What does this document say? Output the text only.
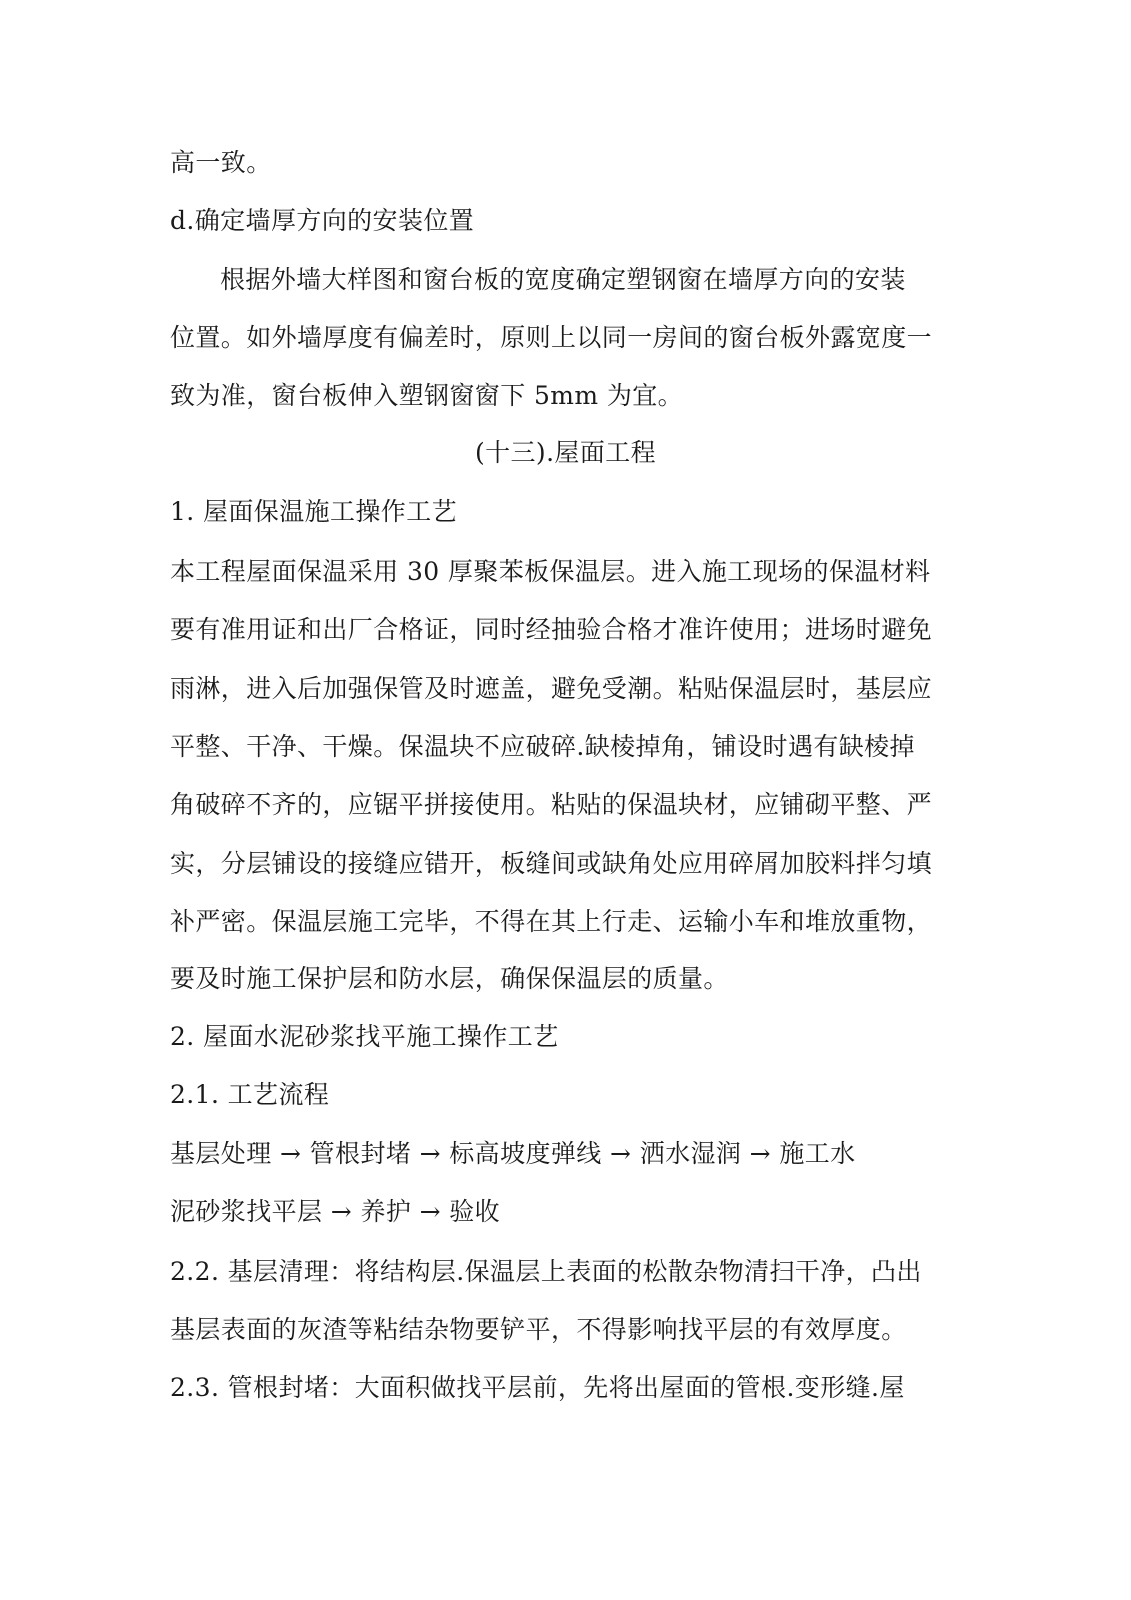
高一致。
d.确定墙厚方向的安装位置
根据外墙大样图和窗台板的宽度确定塑钢窗在墙厚方向的安装
位置。如外墙厚度有偏差时，原则上以同一房间的窗台板外露宽度一
致为准，窗台板伸入塑钢窗窗下 5mm 为宜。
(十三).屋面工程
1. 屋面保温施工操作工艺
本工程屋面保温采用 30 厚聚苯板保温层。进入施工现场的保温材料
要有准用证和出厂合格证，同时经抽验合格才准许使用；进场时避免
雨淋，进入后加强保管及时遮盖，避免受潮。粘贴保温层时，基层应
平整、干净、干燥。保温块不应破碎.缺棱掉角，铺设时遇有缺棱掉
角破碎不齐的，应锯平拼接使用。粘贴的保温块材，应铺砌平整、严
实，分层铺设的接缝应错开，板缝间或缺角处应用碎屑加胶料拌匀填
补严密。保温层施工完毕，不得在其上行走、运输小车和堆放重物，
要及时施工保护层和防水层，确保保温层的质量。
2. 屋面水泥砂浆找平施工操作工艺
2.1. 工艺流程
基层处理 → 管根封堵 → 标高坡度弹线 → 洒水湿润 → 施工水
泥砂浆找平层 → 养护 → 验收
2.2. 基层清理：将结构层.保温层上表面的松散杂物清扫干净，凸出
基层表面的灰渣等粘结杂物要铲平，不得影响找平层的有效厚度。
2.3. 管根封堵：大面积做找平层前，先将出屋面的管根.变形缝.屋
